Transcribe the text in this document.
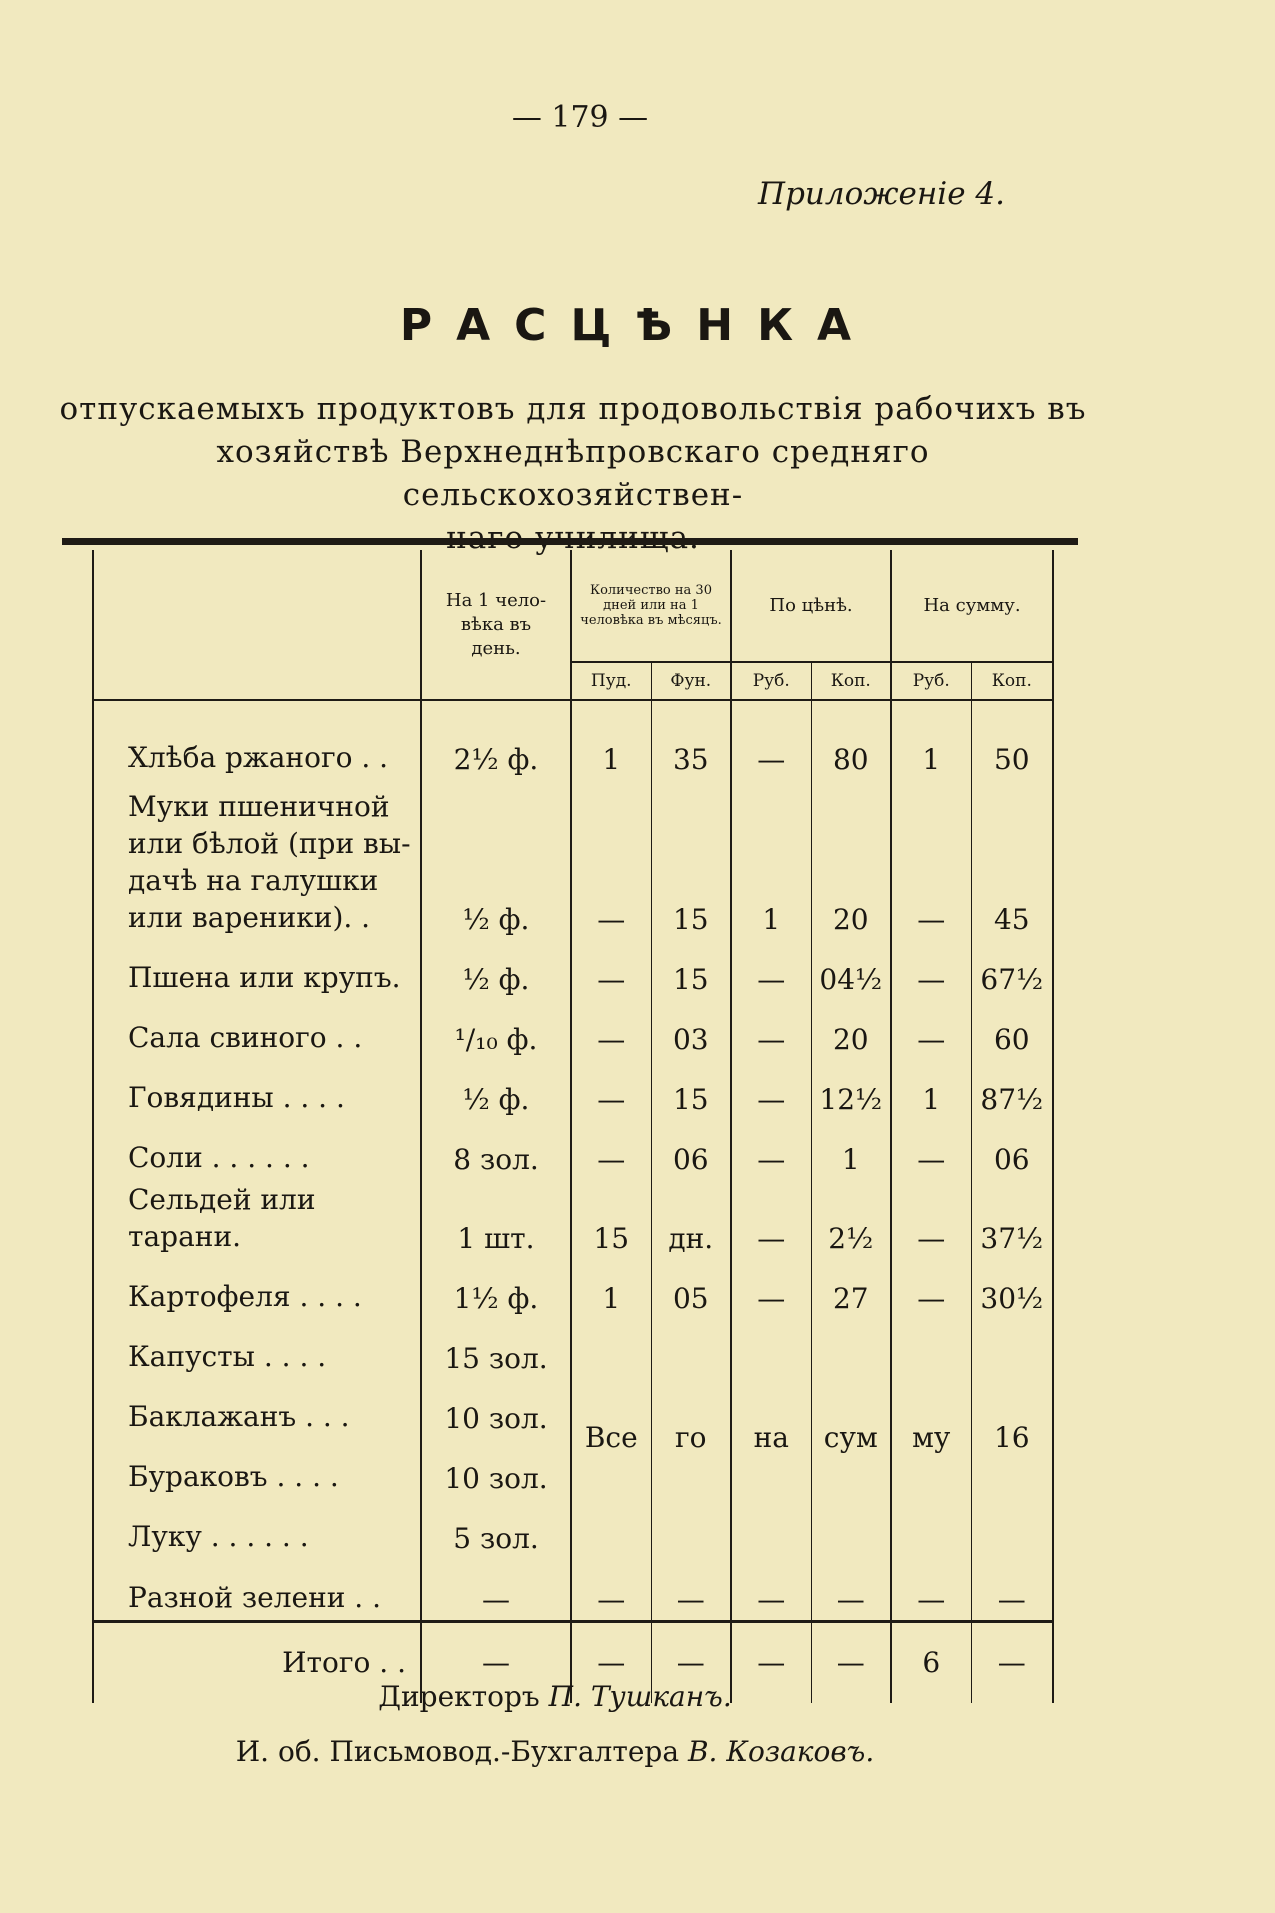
— 179 —
Приложенiе 4.
РАСЦѢНКА
отпускаемыхъ продуктовъ для продовольствiя рабочихъ въ
хозяйствѣ Верхнеднѣпровскаго средняго сельскохозяйствен-
	На 1 чело- вѣка въ день.	Количество на 30 дней или на 1 человѣка въ мѣсяцъ.		По цѣнѣ.		На сумму.	
		Пуд.	Фун.	Руб.	Коп.	Руб.	Коп.
Хлѣба ржаного . .	2½ ф.	1	35	—	80	1	50
Муки пшеничной или бѣлой (при вы- дачѣ на галушки или вареники). .	½ ф.	—	15	1	20	—	45
Пшена или крупъ.	½ ф.	—	15	—	04½	—	67½
Сала свиного . .	¹/₁₀ ф.	—	03	—	20	—	60
Говядины . . . .	½ ф.	—	15	—	12½	1	87½
Соли . . . . . .	8 зол.	—	06	—	1	—	06
Сельдей или тарани.	1 шт.	15	дн.	—	2½	—	37½
Картофеля . . . .	1½ ф.	1	05	—	27	—	30½
Капусты . . . .	15 зол.	Все	го	на	сум	му	16
Баклажанъ . . .	10 зол.						
Бураковъ . . . .	10 зол.						
Луку . . . . . .	5 зол.						
Разной зелени . .	—	—	—	—	—	—	—
Итого . .	—	—	—	—	—	6	—
Директоръ П. Тушканъ.
И. об. Письмовод.-Бухгалтера В. Козаковъ.
